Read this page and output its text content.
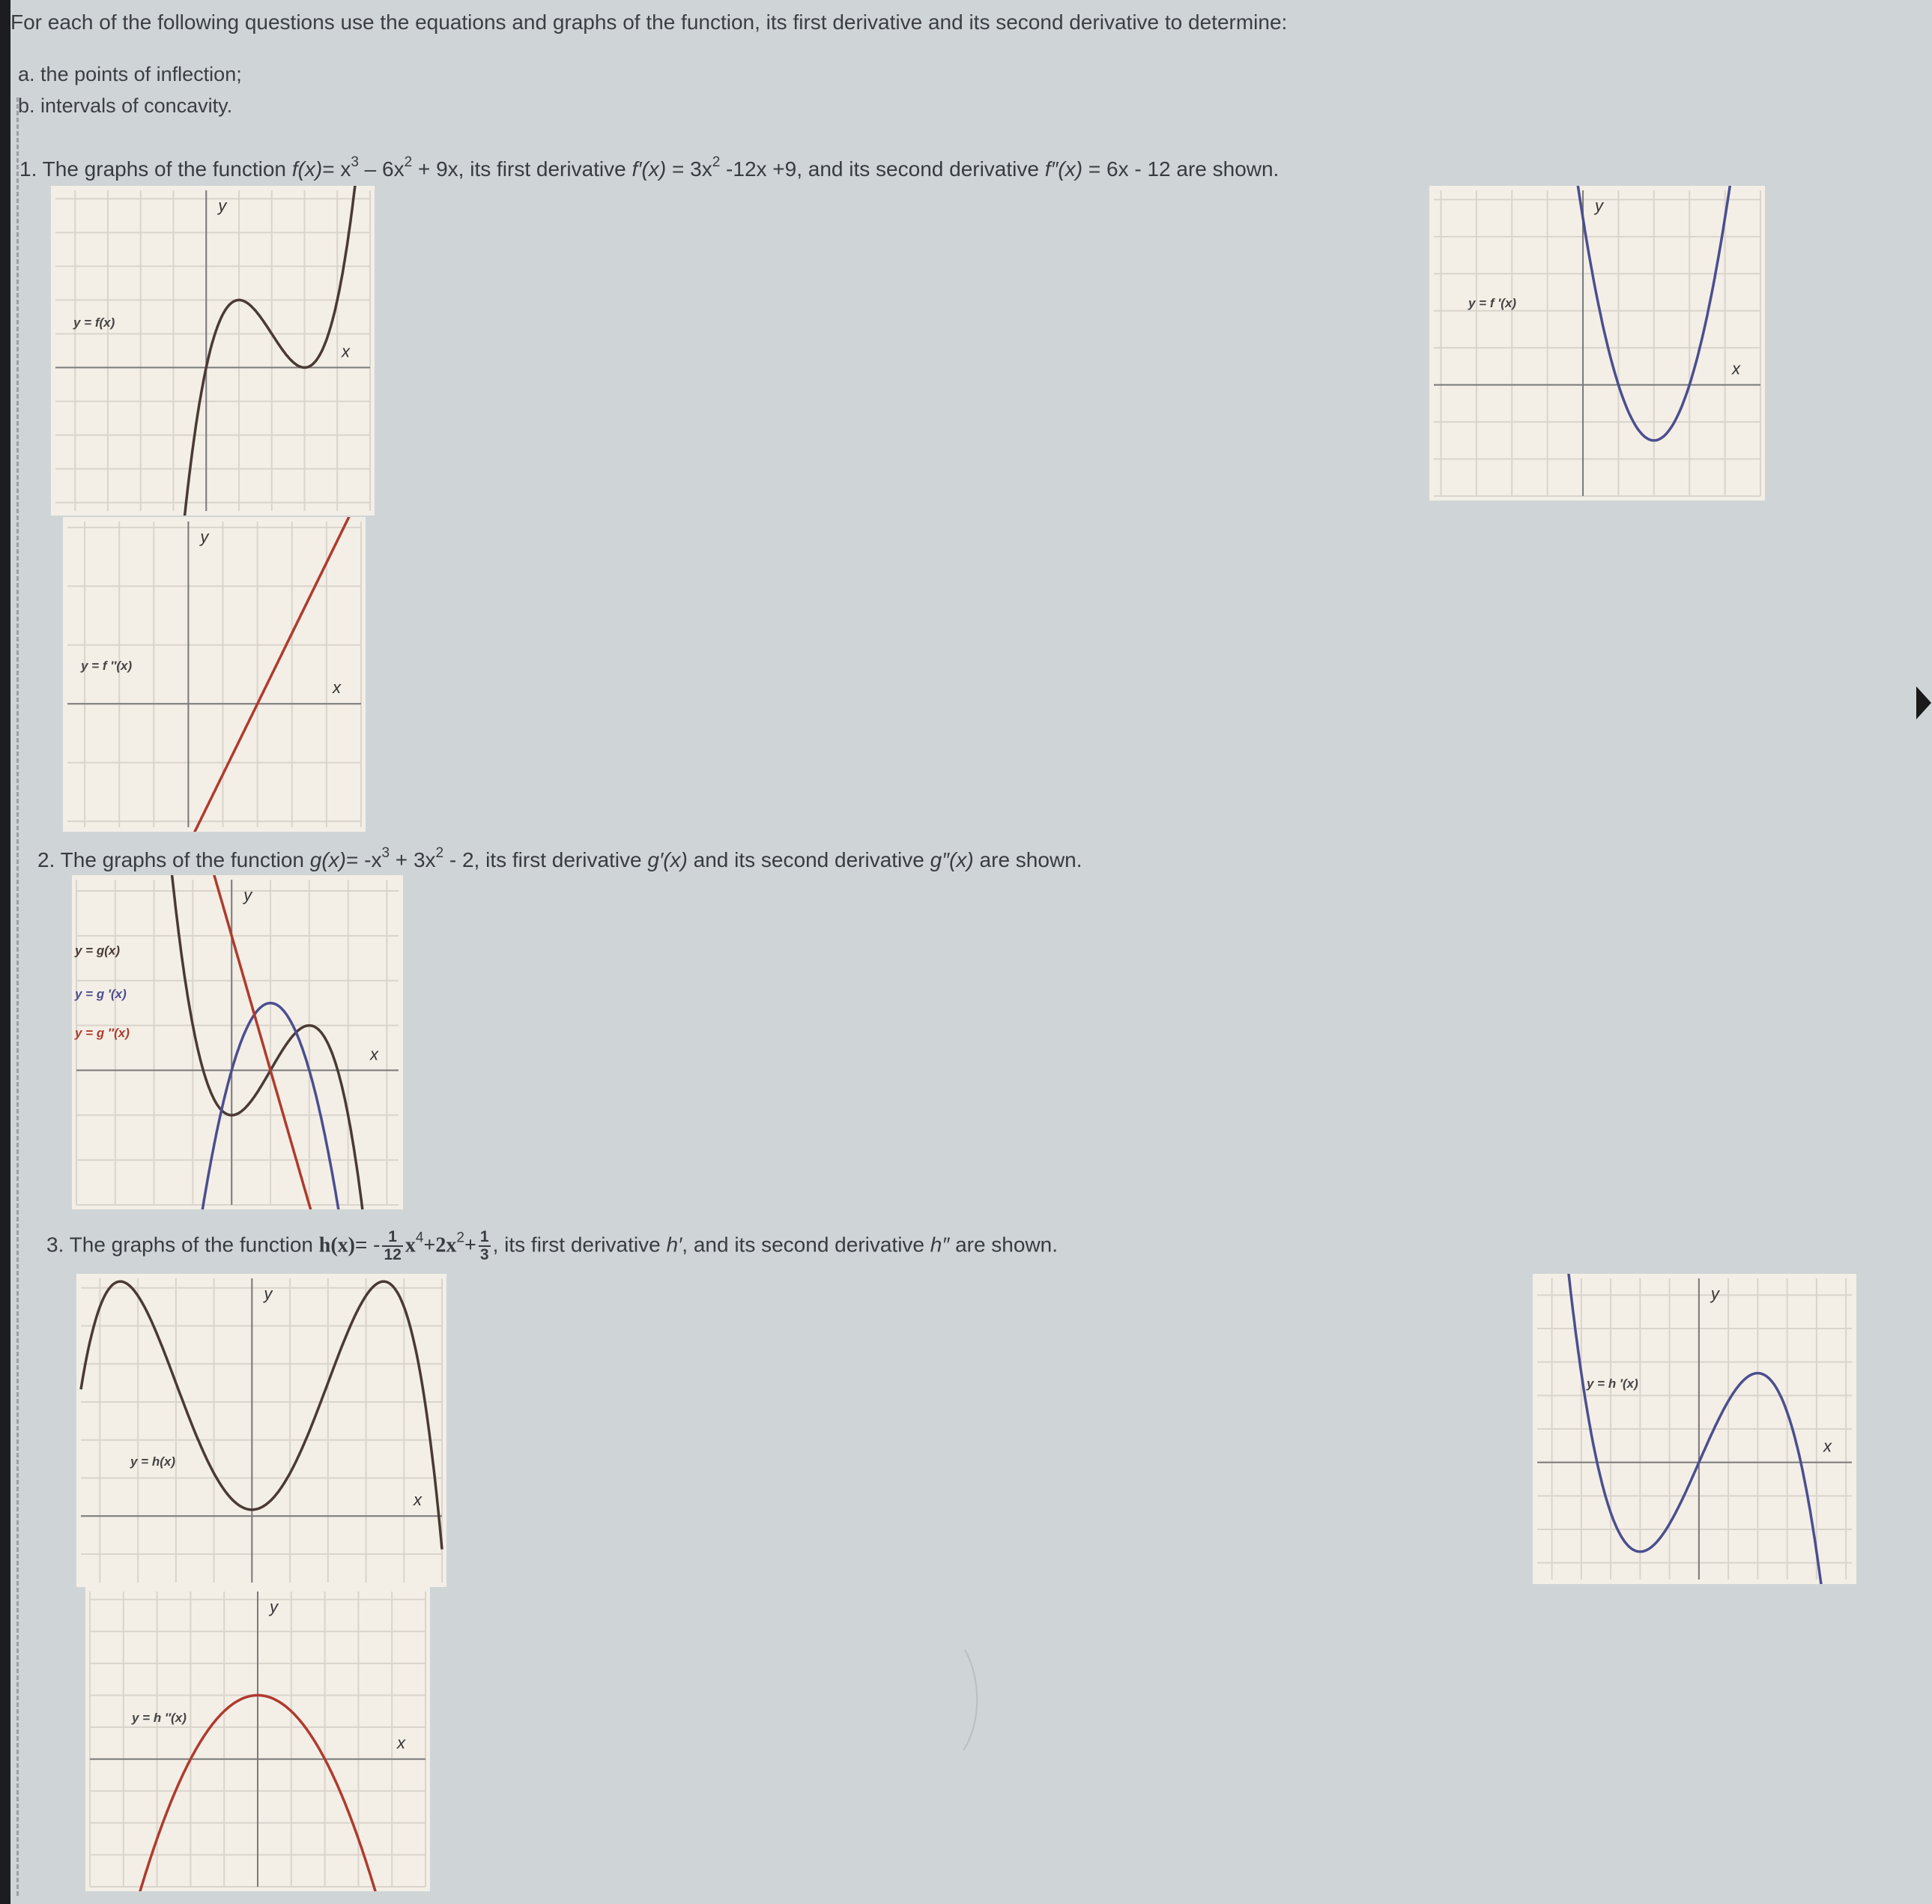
For each of the following questions use the equations and graphs of the function, its first derivative and its second derivative to determine:
a. the points of inflection;
b. intervals of concavity.
1. The graphs of the function $f(x)= x^3 - 6x^2 + 9x$, its first derivative $f'(x) = 3x^2$ -12x +9, and its second derivative f″(x) = 6x - 12 are shown.
2. The graphs of the function $g(x)= -x^3 + 3x^2 - 2$, its first derivative g′(x) and its second derivative g″(x) are shown.
3. The graphs of the function $h(x)= - \frac{1}{12} x^4+2x^2+ \frac{1}{3}$ , its first derivative h′, and its second derivative h″ are shown.
x
y
y = f(x)
x
y
y = f ′(x)
x
y
y = f ″(x)
x
y
y = g(x)
y = g ′(x)
y = g ″(x)
x
y
y = h(x)
x
y
y = h ′(x)
x
y
y = h ″(x)
